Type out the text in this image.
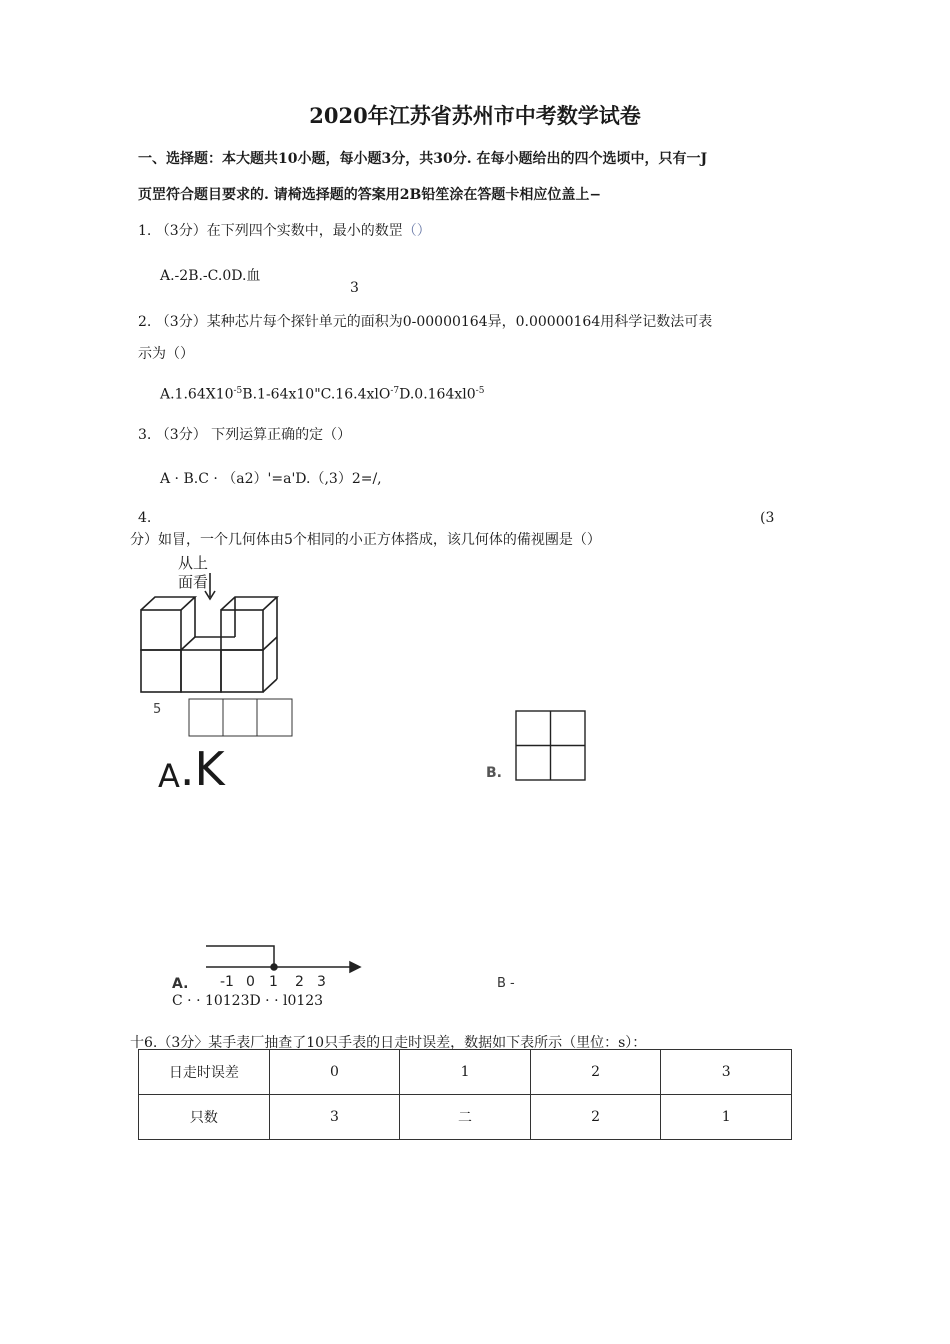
2020年江苏省苏州市中考数学试卷
一、选择题：本大题共10小题，每小题3分，共30分. 在每小题给出的四个选顷中，只有一J
页罡符合题目要求的. 请椅选择题的答案用2B铅笙涂在答题卡相应位盖上−
1. （3分）在下列四个实数中，最小的数罡（）
A.-2B.-C.0D.血
3
2. （3分）某种芯片每个探针单元的面积为0-00000164异，0.00000164用科学记数法可表
示为（）
$A.1.64X10^{-5}B.1-64x10"C.16.4xlO^{-7}D.0.164xl0^{-5}$
3. （3分） 下列运算正确的定（）
A · B.C · （a2）'=a'D.（,3）2=/,
4.	(3
分）如冒，一个几何体由5个相同的小正方体搭成，该几何体的備视團是（）
从上
面看
5
A.K	B.
A. -1 0 1 2 3	B -
C · · 10123D · · l0123
十6.（3分〉某手表厂抽查了10只手表的日走时误差，数据如下表所示（里位：s）：
日走时误差	0	1	2	3
只数	3	二	2	1
